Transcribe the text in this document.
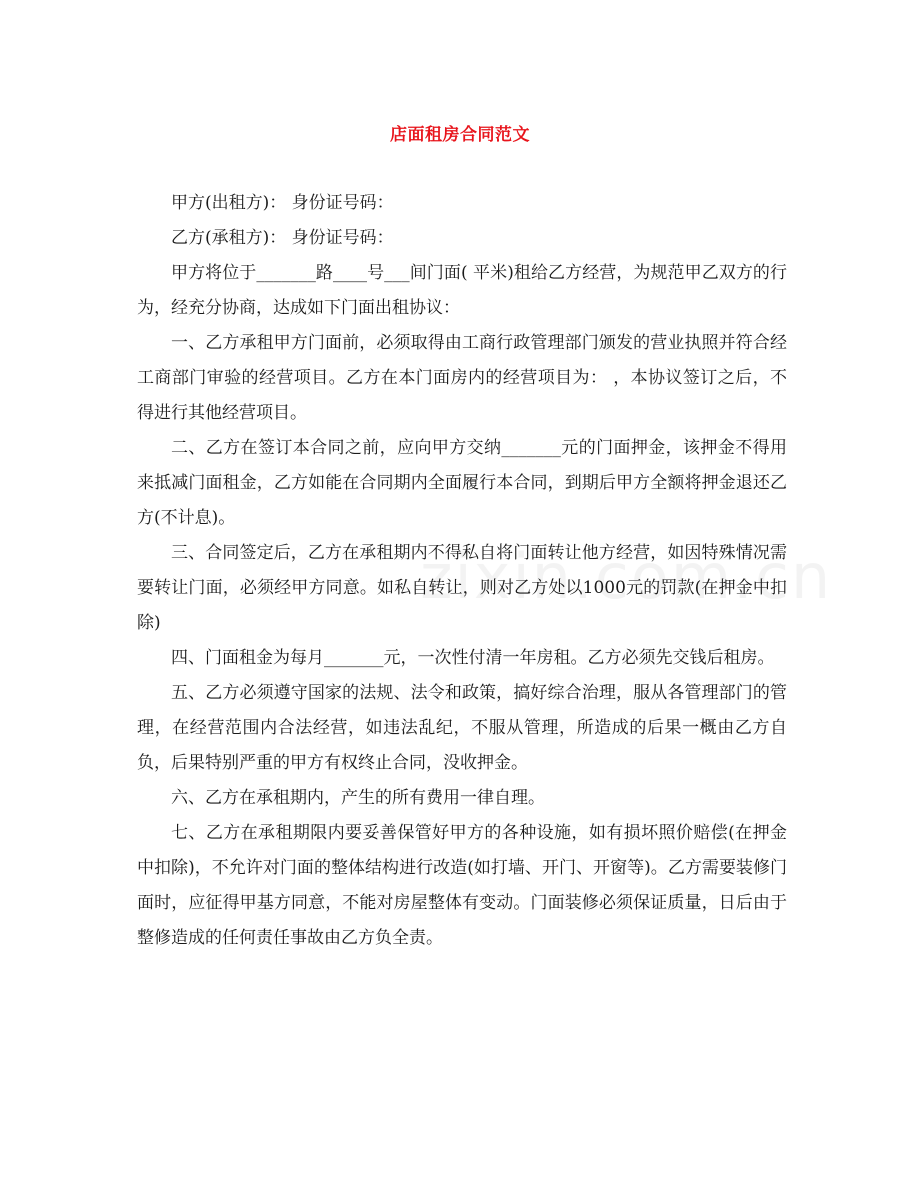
店面租房合同范文

甲方(出租方)： 身份证号码：

乙方(承租方)： 身份证号码：

甲方将位于_______路____号___间门面( 平米)租给乙方经营，为规范甲乙双方的行为，经充分协商，达成如下门面出租协议：

一、乙方承租甲方门面前，必须取得由工商行政管理部门颁发的营业执照并符合经工商部门审验的经营项目。乙方在本门面房内的经营项目为： ，本协议签订之后，不得进行其他经营项目。

二、乙方在签订本合同之前，应向甲方交纳_______元的门面押金，该押金不得用来抵减门面租金，乙方如能在合同期内全面履行本合同，到期后甲方全额将押金退还乙方(不计息)。

三、合同签定后，乙方在承租期内不得私自将门面转让他方经营，如因特殊情况需要转让门面，必须经甲方同意。如私自转让，则对乙方处以1000元的罚款(在押金中扣除)

四、门面租金为每月_______元，一次性付清一年房租。乙方必须先交钱后租房。

五、乙方必须遵守国家的法规、法令和政策，搞好综合治理，服从各管理部门的管理，在经营范围内合法经营，如违法乱纪，不服从管理，所造成的后果一概由乙方自负，后果特别严重的甲方有权终止合同，没收押金。

六、乙方在承租期内，产生的所有费用一律自理。

七、乙方在承租期限内要妥善保管好甲方的各种设施，如有损坏照价赔偿(在押金中扣除)，不允许对门面的整体结构进行改造(如打墙、开门、开窗等)。乙方需要装修门面时，应征得甲基方同意，不能对房屋整体有变动。门面装修必须保证质量，日后由于整修造成的任何责任事故由乙方负全责。
